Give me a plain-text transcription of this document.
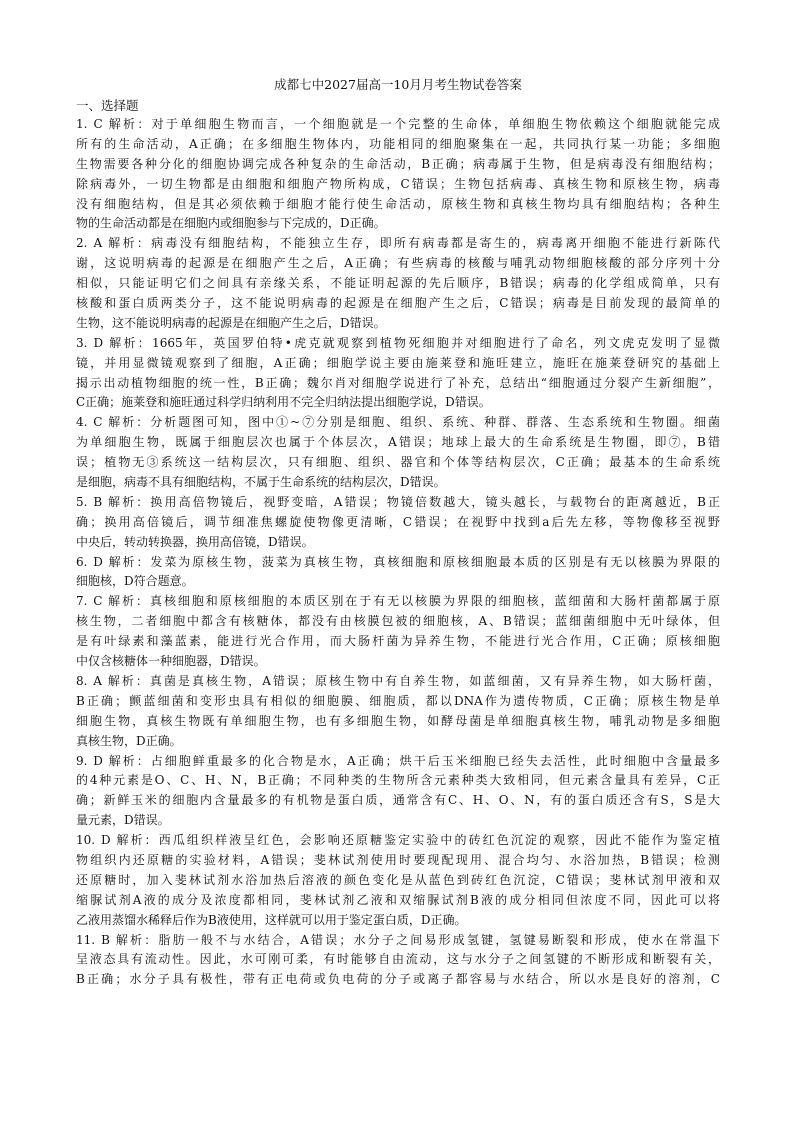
成都七中2027届高一10月月考生物试卷答案
一、选择题
1. C 解析：对于单细胞生物而言，一个细胞就是一个完整的生命体，单细胞生物依赖这个细胞就能完成
所有的生命活动，A正确；在多细胞生物体内，功能相同的细胞聚集在一起，共同执行某一功能；多细胞
生物需要各种分化的细胞协调完成各种复杂的生命活动，B正确；病毒属于生物，但是病毒没有细胞结构；
除病毒外，一切生物都是由细胞和细胞产物所构成，C错误；生物包括病毒、真核生物和原核生物，病毒
没有细胞结构，但是其必须依赖于细胞才能行使生命活动，原核生物和真核生物均具有细胞结构；各种生
物的生命活动都是在细胞内或细胞参与下完成的，D正确。
2. A 解析：病毒没有细胞结构，不能独立生存，即所有病毒都是寄生的，病毒离开细胞不能进行新陈代
谢，这说明病毒的起源是在细胞产生之后，A正确；有些病毒的核酸与哺乳动物细胞核酸的部分序列十分
相似，只能证明它们之间具有亲缘关系，不能证明起源的先后顺序，B错误；病毒的化学组成简单，只有
核酸和蛋白质两类分子，这不能说明病毒的起源是在细胞产生之后，C错误；病毒是目前发现的最简单的
生物，这不能说明病毒的起源是在细胞产生之后，D错误。
3. D 解析：1665年，英国罗伯特•虎克就观察到植物死细胞并对细胞进行了命名，列文虎克发明了显微
镜，并用显微镜观察到了细胞，A正确；细胞学说主要由施莱登和施旺建立，施旺在施莱登研究的基础上
揭示出动植物细胞的统一性，B正确；魏尔肖对细胞学说进行了补充，总结出“细胞通过分裂产生新细胞”，
C正确；施莱登和施旺通过科学归纳利用不完全归纳法提出细胞学说，D错误。
4. C 解析：分析题图可知，图中①~⑦分别是细胞、组织、系统、种群、群落、生态系统和生物圈。细菌
为单细胞生物，既属于细胞层次也属于个体层次，A错误；地球上最大的生命系统是生物圈，即⑦，B错
误；植物无③系统这一结构层次，只有细胞、组织、器官和个体等结构层次，C正确；最基本的生命系统
是细胞，病毒不具有细胞结构，不属于生命系统的结构层次，D错误。
5. B 解析：换用高倍物镜后，视野变暗，A错误；物镜倍数越大，镜头越长，与载物台的距离越近，B正
确；换用高倍镜后，调节细准焦螺旋使物像更清晰，C错误；在视野中找到a后先左移，等物像移至视野
中央后，转动转换器，换用高倍镜，D错误。
6. D 解析：发菜为原核生物，菠菜为真核生物，真核细胞和原核细胞最本质的区别是有无以核膜为界限的
细胞核，D符合题意。
7. C 解析：真核细胞和原核细胞的本质区别在于有无以核膜为界限的细胞核，蓝细菌和大肠杆菌都属于原
核生物，二者细胞中都含有核糖体，都没有由核膜包被的细胞核，A、B错误；蓝细菌细胞中无叶绿体，但
是有叶绿素和藻蓝素，能进行光合作用，而大肠杆菌为异养生物，不能进行光合作用，C正确；原核细胞
中仅含核糖体一种细胞器，D错误。
8. A 解析：真菌是真核生物，A错误；原核生物中有自养生物，如蓝细菌，又有异养生物，如大肠杆菌，
B正确；颤蓝细菌和变形虫具有相似的细胞膜、细胞质，都以DNA作为遗传物质，C正确；原核生物是单
细胞生物，真核生物既有单细胞生物，也有多细胞生物，如酵母菌是单细胞真核生物，哺乳动物是多细胞
真核生物，D正确。
9. D 解析：占细胞鲜重最多的化合物是水，A正确；烘干后玉米细胞已经失去活性，此时细胞中含量最多
的4种元素是O、C、H、N，B正确；不同种类的生物所含元素种类大致相同，但元素含量具有差异，C正
确；新鲜玉米的细胞内含量最多的有机物是蛋白质，通常含有C、H、O、N，有的蛋白质还含有S，S是大
量元素，D错误。
10. D 解析：西瓜组织样液呈红色，会影响还原糖鉴定实验中的砖红色沉淀的观察，因此不能作为鉴定植
物组织内还原糖的实验材料，A错误；斐林试剂使用时要现配现用、混合均匀、水浴加热，B错误；检测
还原糖时，加入斐林试剂水浴加热后溶液的颜色变化是从蓝色到砖红色沉淀，C错误；斐林试剂甲液和双
缩脲试剂A液的成分及浓度都相同，斐林试剂乙液和双缩脲试剂B液的成分相同但浓度不同，因此可以将
乙液用蒸馏水稀释后作为B液使用，这样就可以用于鉴定蛋白质，D正确。
11. B 解析：脂肪一般不与水结合，A错误；水分子之间易形成氢键，氢键易断裂和形成，使水在常温下
呈液态具有流动性。因此，水可刚可柔，有时能够自由流动，这与水分子之间氢键的不断形成和断裂有关，
B正确；水分子具有极性，带有正电荷或负电荷的分子或离子都容易与水结合，所以水是良好的溶剂，C
